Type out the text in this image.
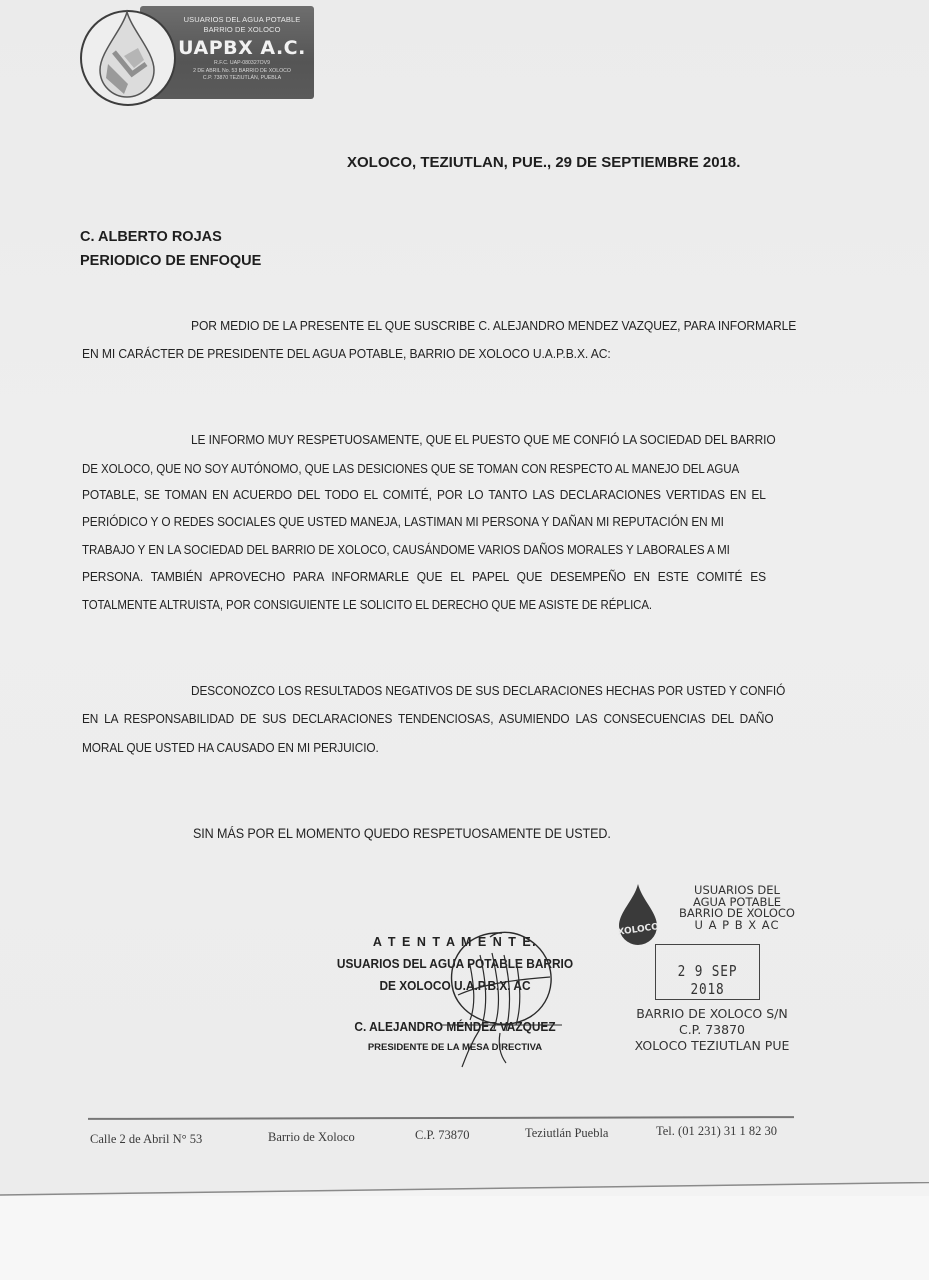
USUARIOS DEL AGUA POTABLE
BARRIO DE XOLOCO
UAPBX A.C.
R.F.C. UAP-080327OV9
2 DE ABRIL No. 53 BARRIO DE XOLOCO
C.P. 73870 TEZIUTLÁN, PUEBLA
XOLOCO, TEZIUTLAN, PUE., 29 DE SEPTIEMBRE 2018.
C. ALBERTO ROJAS
PERIODICO DE ENFOQUE
POR MEDIO DE LA PRESENTE EL QUE SUSCRIBE C. ALEJANDRO MENDEZ VAZQUEZ, PARA INFORMARLE
EN MI CARÁCTER DE PRESIDENTE DEL AGUA POTABLE, BARRIO DE XOLOCO U.A.P.B.X. AC:
LE INFORMO MUY RESPETUOSAMENTE, QUE EL PUESTO QUE ME CONFIÓ LA SOCIEDAD DEL BARRIO
DE XOLOCO, QUE NO SOY AUTÓNOMO, QUE LAS DESICIONES QUE SE TOMAN CON RESPECTO AL MANEJO DEL AGUA
POTABLE, SE TOMAN EN ACUERDO DEL TODO EL COMITÉ, POR LO TANTO LAS DECLARACIONES VERTIDAS EN EL
PERIÓDICO Y O REDES SOCIALES QUE USTED MANEJA, LASTIMAN MI PERSONA Y DAÑAN MI REPUTACIÓN EN MI
TRABAJO Y EN LA SOCIEDAD DEL BARRIO DE XOLOCO, CAUSÁNDOME VARIOS DAÑOS MORALES Y LABORALES A MI
PERSONA. TAMBIÉN APROVECHO PARA INFORMARLE QUE EL PAPEL QUE DESEMPEÑO EN ESTE COMITÉ ES
TOTALMENTE ALTRUISTA, POR CONSIGUIENTE LE SOLICITO EL DERECHO QUE ME ASISTE DE RÉPLICA.
DESCONOZCO LOS RESULTADOS NEGATIVOS DE SUS DECLARACIONES HECHAS POR USTED Y CONFIÓ
EN LA RESPONSABILIDAD DE SUS DECLARACIONES TENDENCIOSAS, ASUMIENDO LAS CONSECUENCIAS DEL DAÑO
MORAL QUE USTED HA CAUSADO EN MI PERJUICIO.
SIN MÁS POR EL MOMENTO QUEDO RESPETUOSAMENTE DE USTED.
A T E N T A M E N T E.
USUARIOS DEL AGUA POTABLE BARRIO
DE XOLOCO U.A.P.B.X. AC
C. ALEJANDRO MÉNDEZ VAZQUEZ
PRESIDENTE DE LA MESA DIRECTIVA
XOLOCO
USUARIOS DEL
AGUA POTABLE
BARRIO DE XOLOCO
U A P B X AC
2 9 SEP 2018
BARRIO DE XOLOCO S/N
C.P. 73870
XOLOCO TEZIUTLAN PUE
Calle 2 de Abril N° 53	Barrio de Xoloco	C.P. 73870	Teziutlán Puebla	Tel. (01 231) 31 1 82 30
